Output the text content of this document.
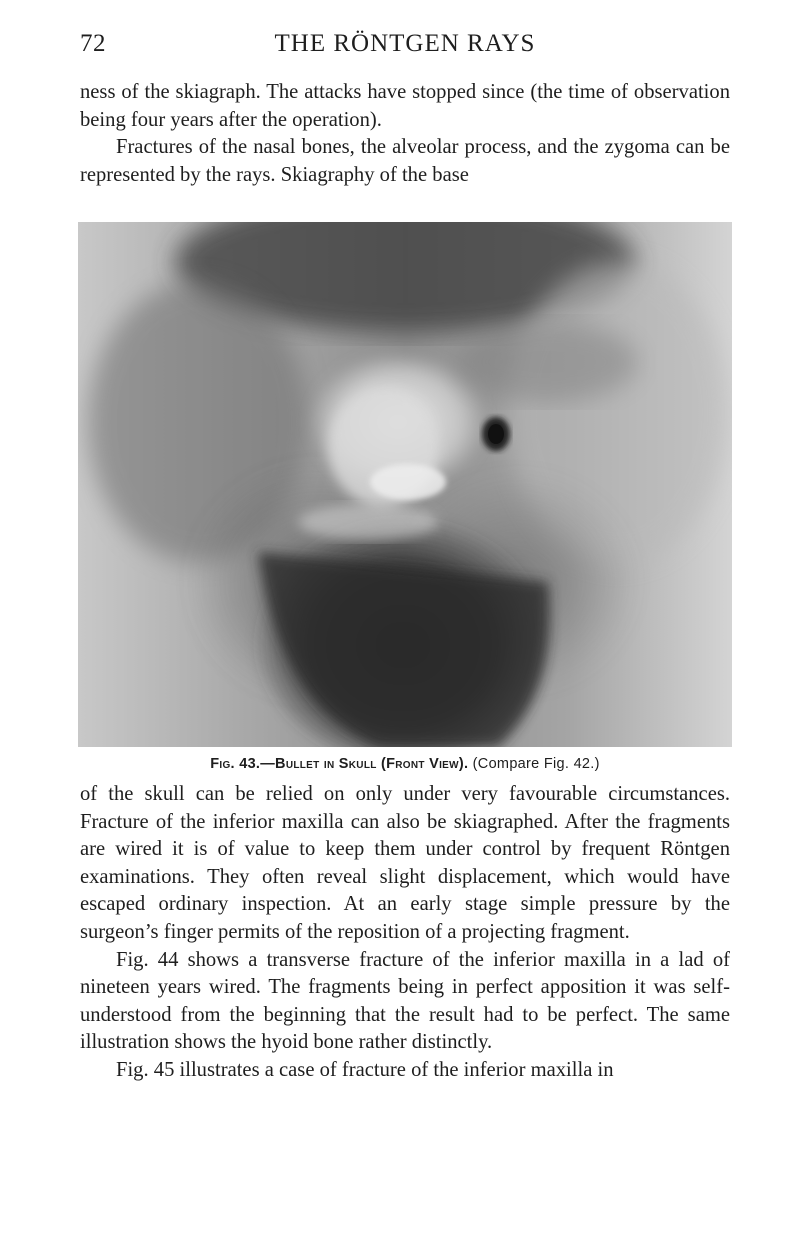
72	THE RÖNTGEN RAYS

ness of the skiagraph. The attacks have stopped since (the time of observation being four years after the operation).

Fractures of the nasal bones, the alveolar process, and the zygoma can be represented by the rays. Skiagraphy of the base

Fig. 43.—Bullet in Skull (Front View). (Compare Fig. 42.)

of the skull can be relied on only under very favourable circumstances. Fracture of the inferior maxilla can also be skiagraphed. After the fragments are wired it is of value to keep them under control by frequent Röntgen examinations. They often reveal slight displacement, which would have escaped ordinary inspection. At an early stage simple pressure by the surgeon’s finger permits of the reposition of a projecting fragment.

Fig. 44 shows a transverse fracture of the inferior maxilla in a lad of nineteen years wired. The fragments being in perfect apposition it was self-understood from the beginning that the result had to be perfect. The same illustration shows the hyoid bone rather distinctly.

Fig. 45 illustrates a case of fracture of the inferior maxilla in
